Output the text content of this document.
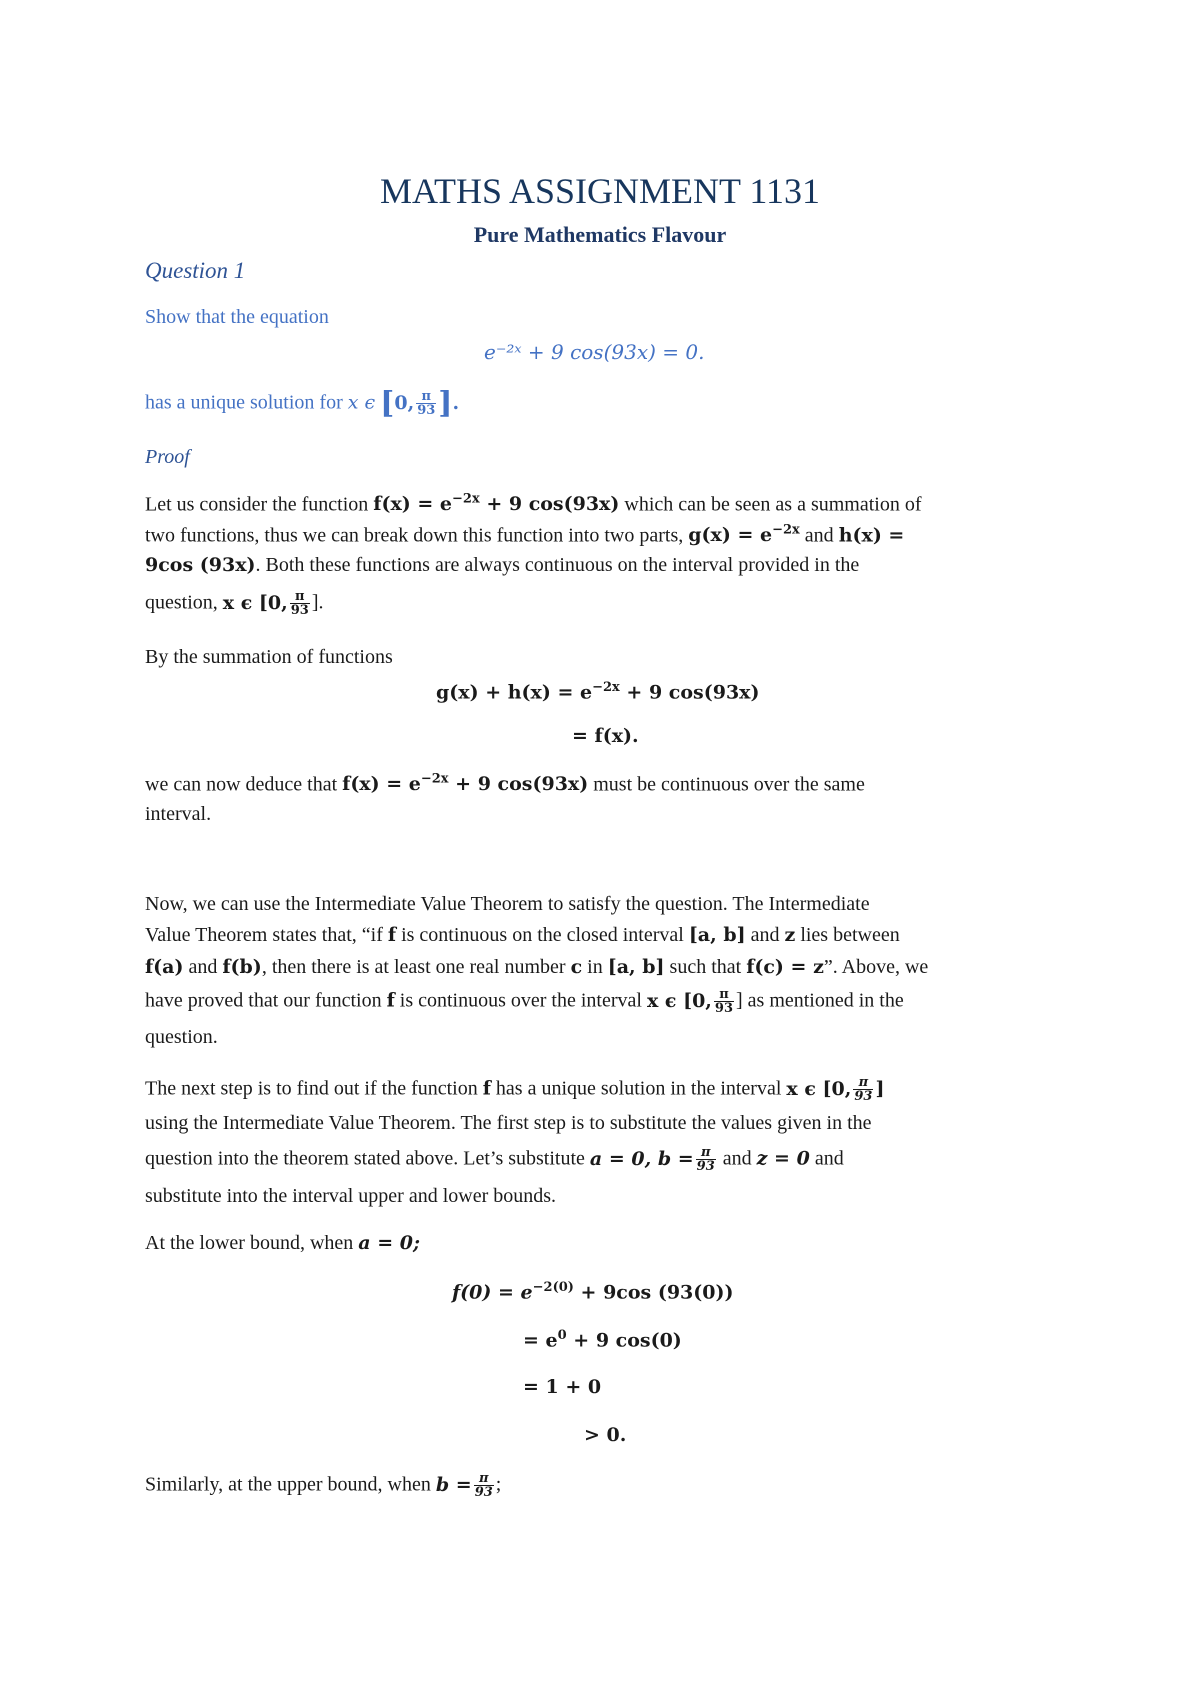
MATHS ASSIGNMENT 1131
Pure Mathematics Flavour
Question 1
Show that the equation
e⁻²ˣ + 9 cos(93x) = 0.
has a unique solution for x ϵ [0, $\frac{\pi}{93}$ ].
Proof
Let us consider the function $f(x) = e^{-2x} + 9$ cos(93x) which can be seen as a summation of
two functions, thus we can break down this function into two parts, $g(x) = e^{-2x}$ and h(x) =
9cos (93x). Both these functions are always continuous on the interval provided in the
question, x ϵ [0, $\frac{\pi}{93}$ ].
By the summation of functions
$g(x) + h(x) = e^{-2x} + 9$ cos(93x)
= f(x).
we can now deduce that $f(x) = e^{-2x} + 9$ cos(93x) must be continuous over the same
interval.
Now, we can use the Intermediate Value Theorem to satisfy the question. The Intermediate
Value Theorem states that, “if f is continuous on the closed interval [a, b] and z lies between
f(a) and f(b), then there is at least one real number c in [a, b] such that f(c) = z”. Above, we
have proved that our function f is continuous over the interval x ϵ [0, $\frac{\pi}{93}$ ] as mentioned in the
question.
The next step is to find out if the function f has a unique solution in the interval x ϵ [0, $\frac{\pi}{93}$ ]
using the Intermediate Value Theorem. The first step is to substitute the values given in the
question into the theorem stated above. Let’s substitute a = 0, $b = \frac{\pi}{93}$ and z = 0 and
substitute into the interval upper and lower bounds.
At the lower bound, when a = 0;
$f(0) = e^{-2(0)} + 9\cos$ (93(0))
= $e^0 + 9$ cos(0)
= 1 + 0
> 0.
Similarly, at the upper bound, when $b = \frac{\pi}{93}$ ;
